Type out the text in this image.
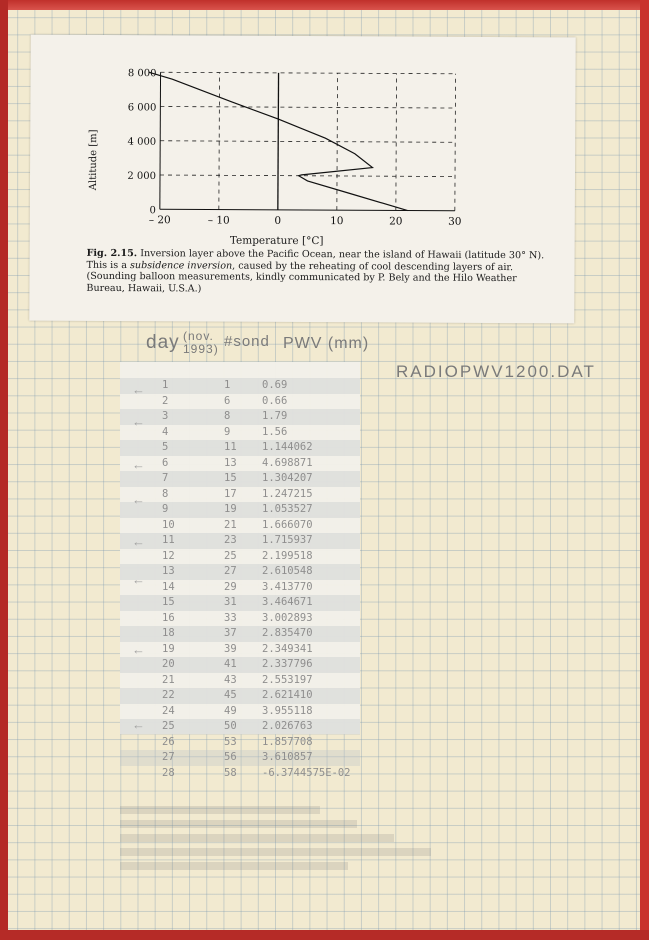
– 20	– 10	0	10	20	30
0
2 000
4 000
6 000
8 000
Altitude [m]
Temperature [°C]
Fig. 2.15. Inversion layer above the Pacific Ocean, near the island of Hawaii (latitude 30° N). This is a subsidence inversion, caused by the reheating of cool descending layers of air. (Sounding balloon measurements, kindly communicated by P. Bely and the Hilo Weather Bureau, Hawaii, U.S.A.)
day (nov. 1993) #sond PWV (mm)
RADIOPWV1200.DAT
1	1	0.69
2	6	0.66
3	8	1.79
4	9	1.56
5	11 1.144062
6	13 4.698871
7	15 1.304207
8	17 1.247215
9	19 1.053527
10	21 1.666070
11	23 1.715937
12	25 2.199518
13	27 2.610548
14	29 3.413770
15	31 3.464671
16	33 3.002893
18	37 2.835470
19	39 2.349341
20	41 2.337796
21	43 2.553197
22	45 2.621410
24	49 3.955118
25	50 2.026763
26	53 1.857708
27	56 3.610857
28	58 -6.3744575E-02
←
←
←
←
←
←
←
←
